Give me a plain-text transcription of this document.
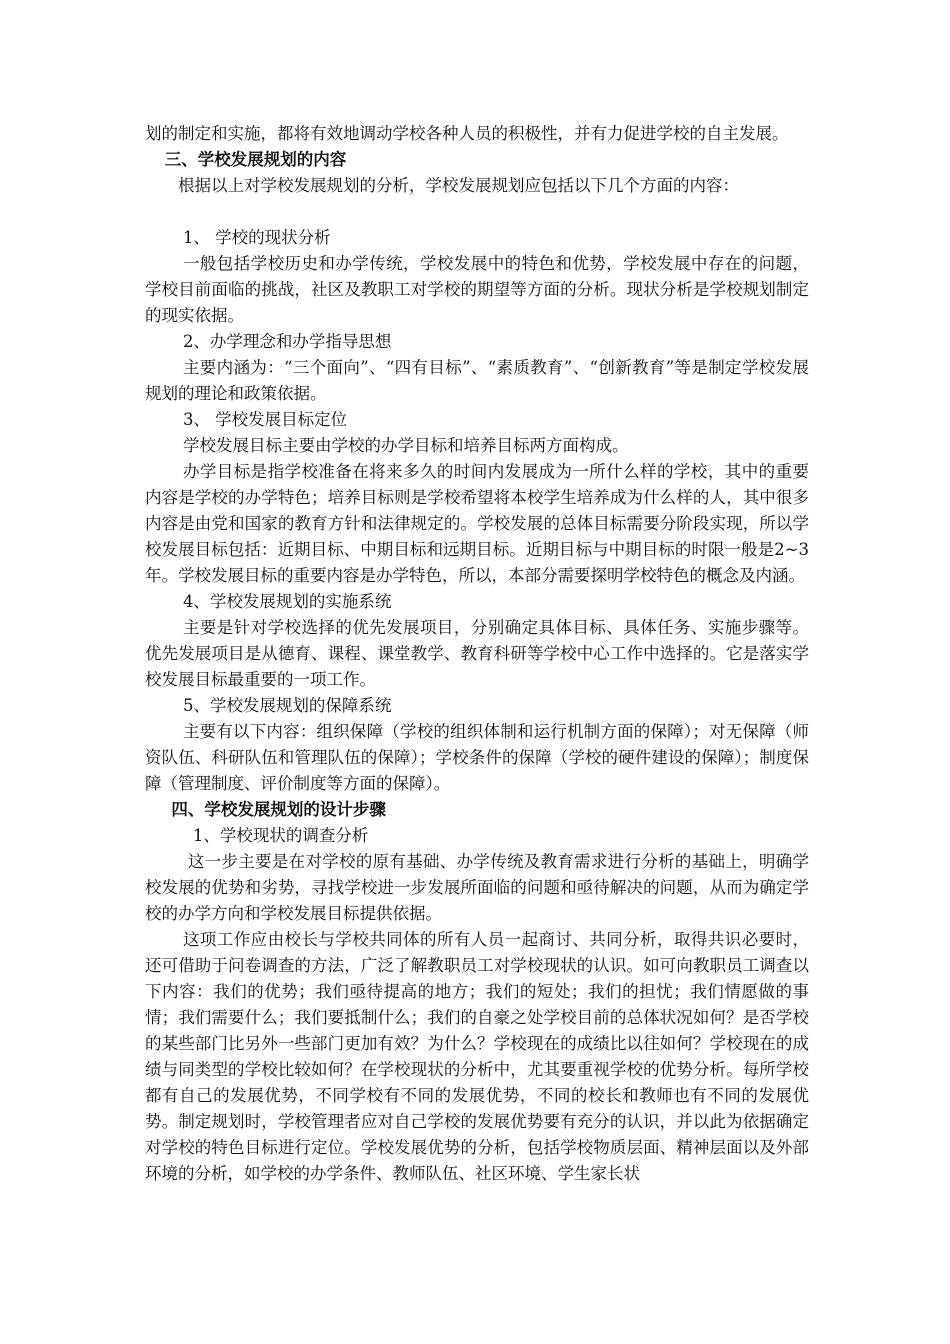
划的制定和实施，都将有效地调动学校各种人员的积极性，并有力促进学校的自主发展。

三、学校发展规划的内容

根据以上对学校发展规划的分析，学校发展规划应包括以下几个方面的内容：

1、 学校的现状分析

一般包括学校历史和办学传统，学校发展中的特色和优势，学校发展中存在的问题，学校目前面临的挑战，社区及教职工对学校的期望等方面的分析。现状分析是学校规划制定的现实依据。

2、办学理念和办学指导思想

主要内涵为：“三个面向”、“四有目标”、“素质教育”、“创新教育”等是制定学校发展规划的理论和政策依据。

3、 学校发展目标定位

学校发展目标主要由学校的办学目标和培养目标两方面构成。

办学目标是指学校准备在将来多久的时间内发展成为一所什么样的学校，其中的重要内容是学校的办学特色；培养目标则是学校希望将本校学生培养成为什么样的人，其中很多内容是由党和国家的教育方针和法律规定的。学校发展的总体目标需要分阶段实现，所以学校发展目标包括：近期目标、中期目标和远期目标。近期目标与中期目标的时限一般是2~3年。学校发展目标的重要内容是办学特色，所以，本部分需要探明学校特色的概念及内涵。

4、学校发展规划的实施系统

主要是针对学校选择的优先发展项目，分别确定具体目标、具体任务、实施步骤等。优先发展项目是从德育、课程、课堂教学、教育科研等学校中心工作中选择的。它是落实学校发展目标最重要的一项工作。

5、学校发展规划的保障系统

主要有以下内容：组织保障（学校的组织体制和运行机制方面的保障）；对无保障（师资队伍、科研队伍和管理队伍的保障）；学校条件的保障（学校的硬件建设的保障）；制度保障（管理制度、评价制度等方面的保障）。

四、学校发展规划的设计步骤

1、学校现状的调查分析

这一步主要是在对学校的原有基础、办学传统及教育需求进行分析的基础上，明确学校发展的优势和劣势，寻找学校进一步发展所面临的问题和亟待解决的问题，从而为确定学校的办学方向和学校发展目标提供依据。

这项工作应由校长与学校共同体的所有人员一起商讨、共同分析，取得共识必要时，还可借助于问卷调查的方法，广泛了解教职员工对学校现状的认识。如可向教职员工调查以下内容：我们的优势；我们亟待提高的地方；我们的短处；我们的担忧；我们情愿做的事情；我们需要什么；我们要抵制什么；我们的自豪之处学校目前的总体状况如何？是否学校的某些部门比另外一些部门更加有效？为什么？学校现在的成绩比以往如何？学校现在的成绩与同类型的学校比较如何？在学校现状的分析中，尤其要重视学校的优势分析。每所学校都有自己的发展优势，不同学校有不同的发展优势，不同的校长和教师也有不同的发展优势。制定规划时，学校管理者应对自己学校的发展优势要有充分的认识，并以此为依据确定对学校的特色目标进行定位。学校发展优势的分析，包括学校物质层面、精神层面以及外部环境的分析，如学校的办学条件、教师队伍、社区环境、学生家长状
